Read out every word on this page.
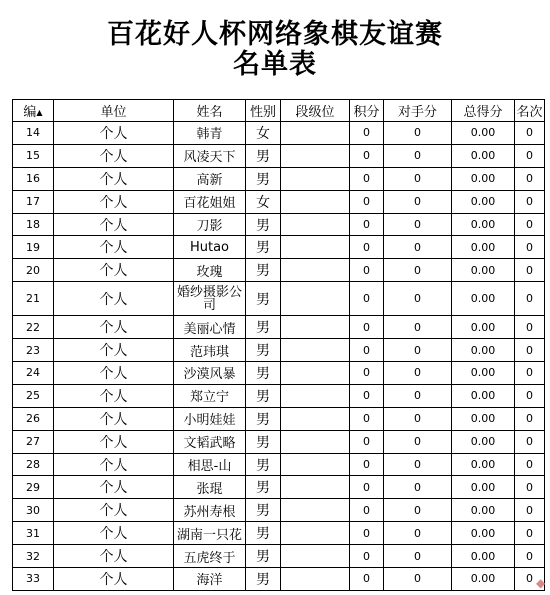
百花好人杯网络象棋友谊赛
名单表
编▲	单位	姓名	性别	段级位	积分	对手分	总得分	名次
14	个人	韩青	女		0	0	0.00	0
15	个人	风凌天下	男		0	0	0.00	0
16	个人	高新	男		0	0	0.00	0
17	个人	百花姐姐	女		0	0	0.00	0
18	个人	刀影	男		0	0	0.00	0
19	个人	Hutao	男		0	0	0.00	0
20	个人	玫瑰	男		0	0	0.00	0
21	个人	婚纱摄影公司	男		0	0	0.00	0
22	个人	美丽心情	男		0	0	0.00	0
23	个人	范玮琪	男		0	0	0.00	0
24	个人	沙漠风暴	男		0	0	0.00	0
25	个人	郑立宁	男		0	0	0.00	0
26	个人	小明娃娃	男		0	0	0.00	0
27	个人	文韬武略	男		0	0	0.00	0
28	个人	相思-山	男		0	0	0.00	0
29	个人	张琨	男		0	0	0.00	0
30	个人	苏州寿根	男		0	0	0.00	0
31	个人	湖南一只花	男		0	0	0.00	0
32	个人	五虎终于	男		0	0	0.00	0
33	个人	海洋	男		0	0	0.00	0 ◆
